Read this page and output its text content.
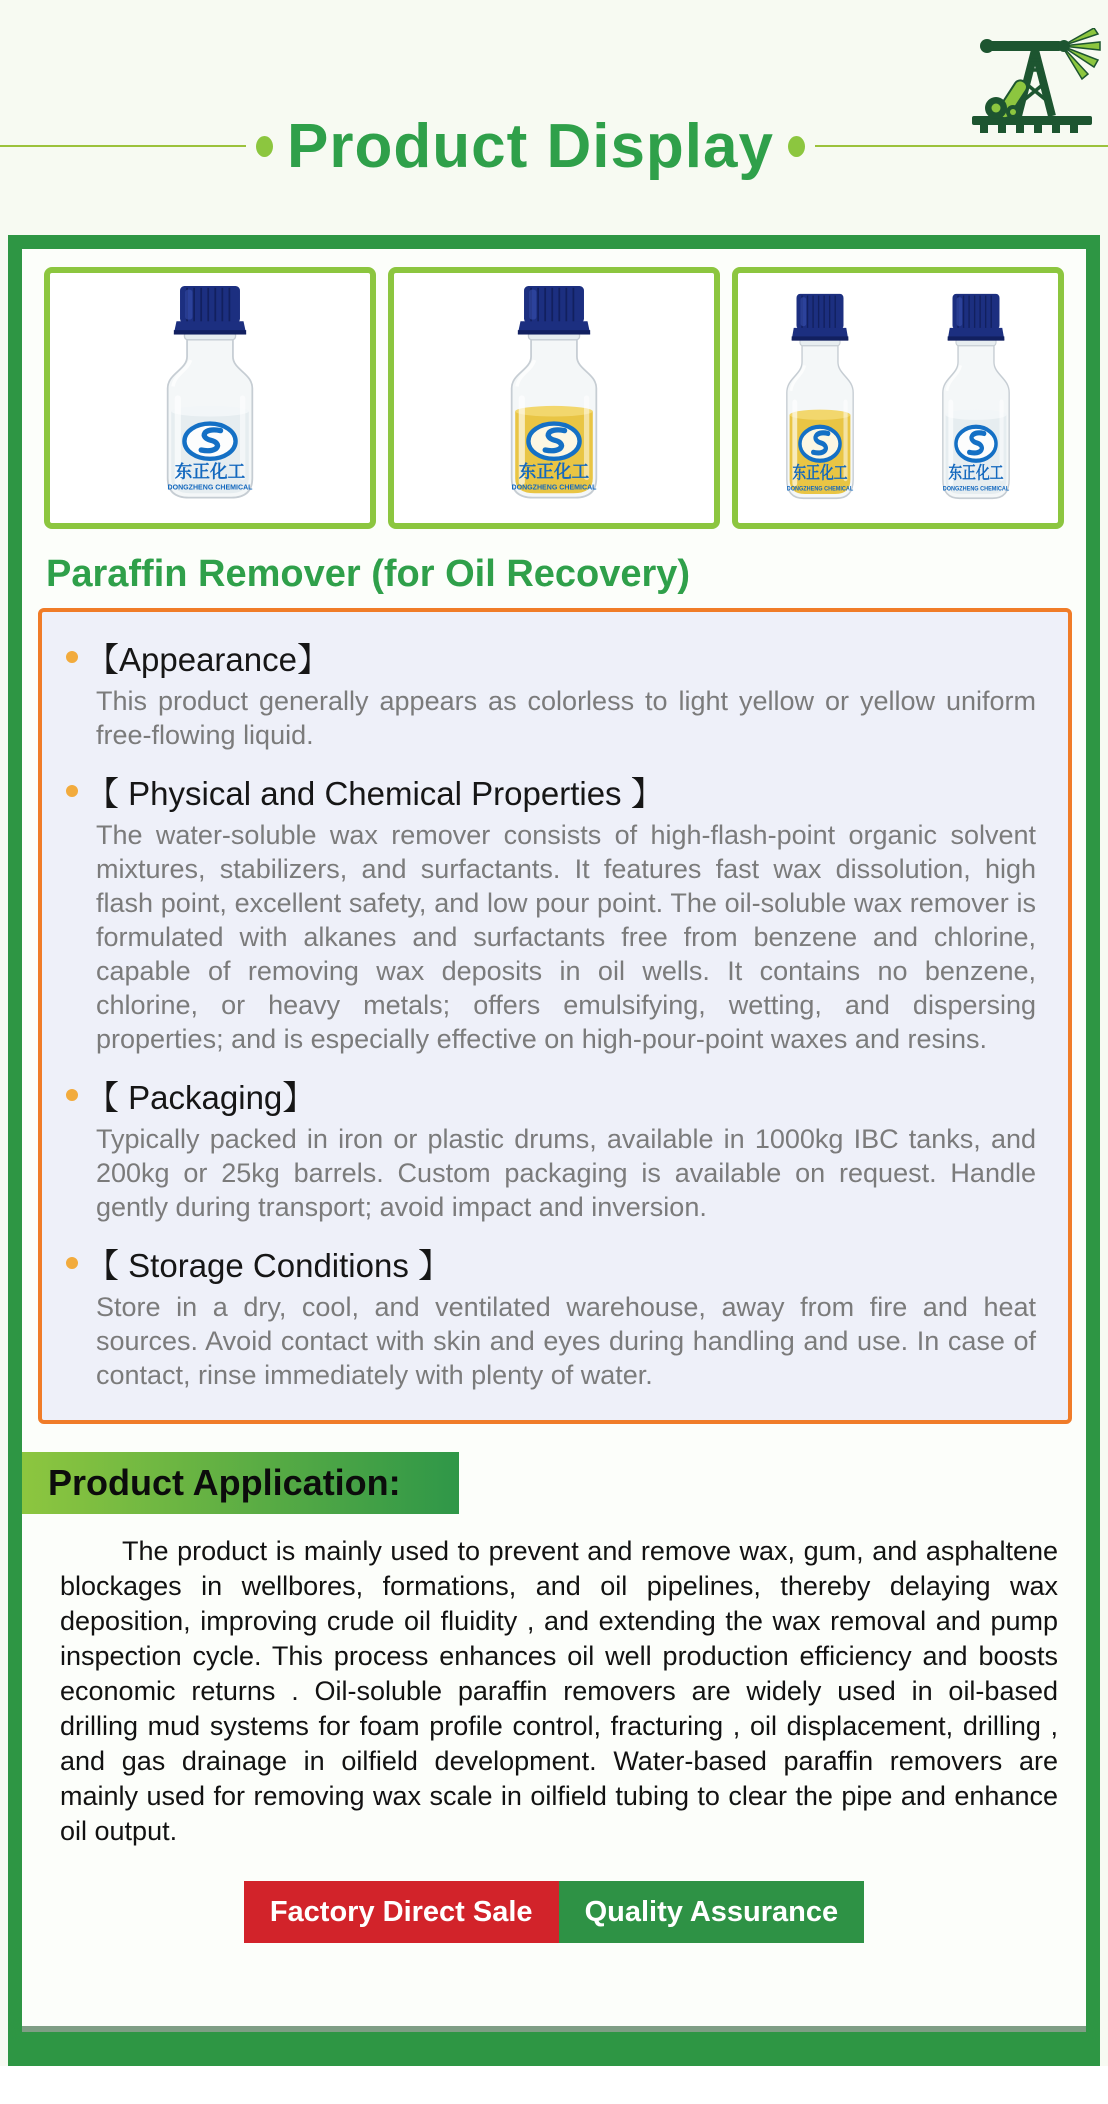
Product Display
Paraffin Remover (for Oil Recovery)
【Appearance】

This product generally appears as colorless to light yellow or yellow uniform free-flowing liquid.

【 Physical and Chemical Properties 】

The water-soluble wax remover consists of high-flash-point organic solvent mixtures, stabilizers, and surfactants. It features fast wax dissolution, high flash point, excellent safety, and low pour point. The oil-soluble wax remover is formulated with alkanes and surfactants free from benzene and chlorine, capable of removing wax deposits in oil wells. It contains no benzene, chlorine, or heavy metals; offers emulsifying, wetting, and dispersing properties; and is especially effective on high-pour-point waxes and resins.

【 Packaging】

Typically packed in iron or plastic drums, available in 1000kg IBC tanks, and 200kg or 25kg barrels. Custom packaging is available on request. Handle gently during transport; avoid impact and inversion.

【 Storage Conditions 】

Store in a dry, cool, and ventilated warehouse, away from fire and heat sources. Avoid contact with skin and eyes during handling and use. In case of contact, rinse immediately with plenty of water.

Product Application:

The product is mainly used to prevent and remove wax, gum, and asphaltene blockages in wellbores, formations, and oil pipelines, thereby delaying wax deposition, improving crude oil fluidity , and extending the wax removal and pump inspection cycle. This process enhances oil well production efficiency and boosts economic returns . Oil-soluble paraffin removers are widely used in oil-based drilling mud systems for foam profile control, fracturing , oil displacement, drilling , and gas drainage in oilfield development. Water-based paraffin removers are mainly used for removing wax scale in oilfield tubing to clear the pipe and enhance oil output.

Factory Direct Sale	Quality Assurance
